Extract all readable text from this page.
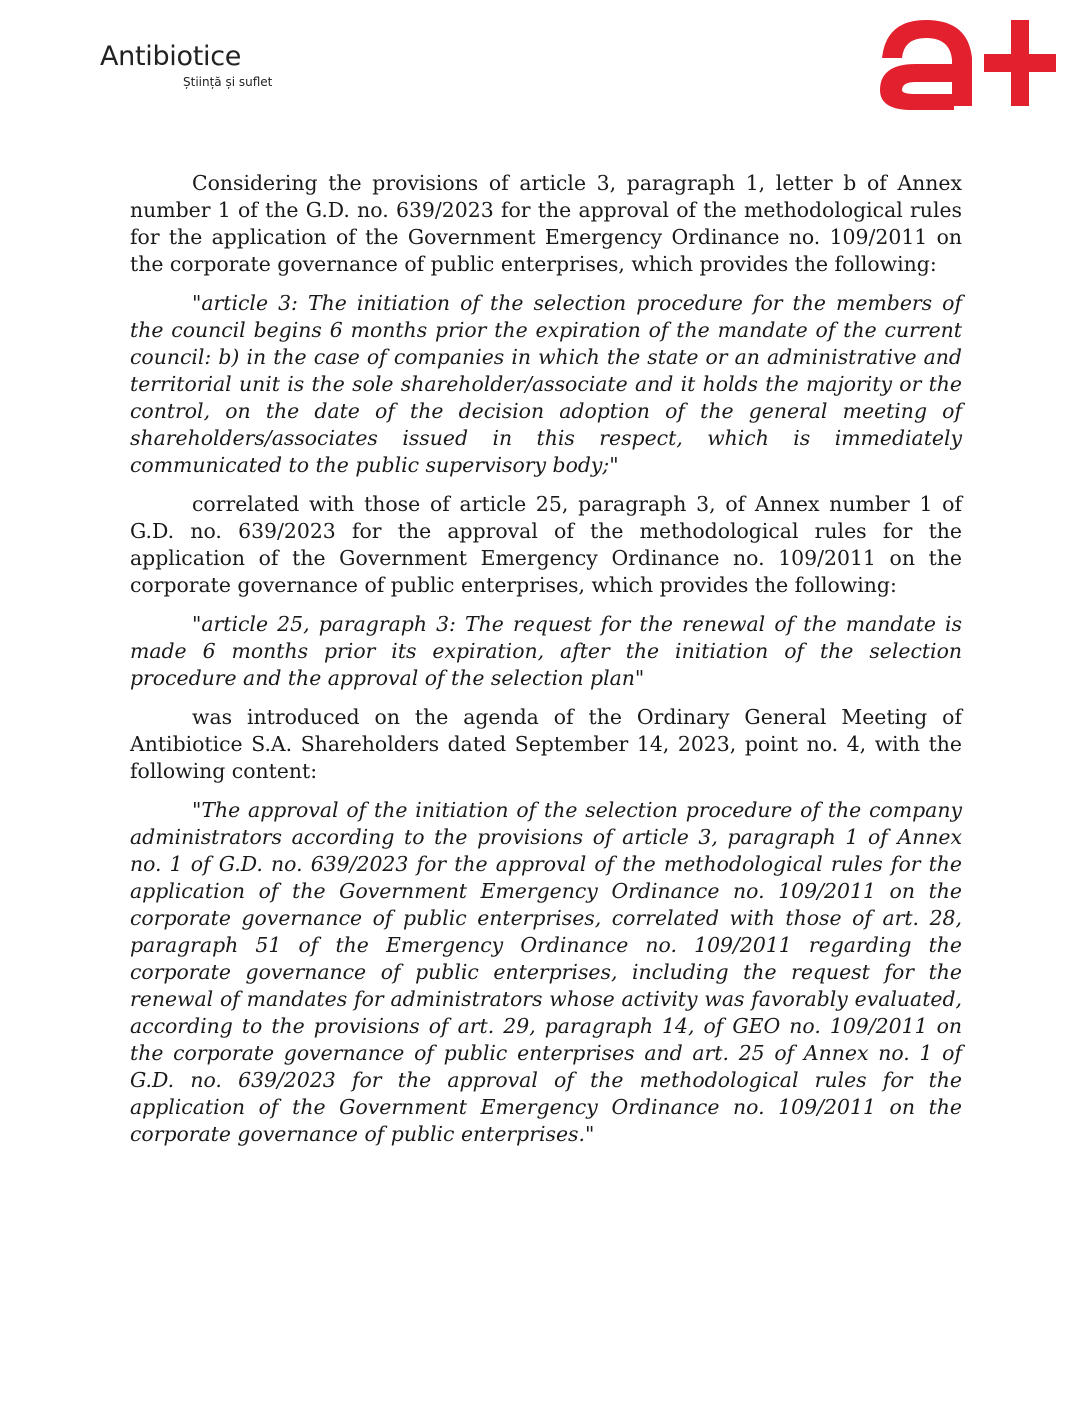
Antibiotice
Știință și suflet

Considering the provisions of article 3, paragraph 1, letter b of Annex number 1 of the G.D. no. 639/2023 for the approval of the methodological rules for the application of the Government Emergency Ordinance no. 109/2011 on the corporate governance of public enterprises, which provides the following:

"article 3: The initiation of the selection procedure for the members of the council begins 6 months prior the expiration of the mandate of the current council: b) in the case of companies in which the state or an administrative and territorial unit is the sole shareholder/associate and it holds the majority or the control, on the date of the decision adoption of the general meeting of shareholders/associates issued in this respect, which is immediately communicated to the public supervisory body;"

correlated with those of article 25, paragraph 3, of Annex number 1 of G.D. no. 639/2023 for the approval of the methodological rules for the application of the Government Emergency Ordinance no. 109/2011 on the corporate governance of public enterprises, which provides the following:

"article 25, paragraph 3: The request for the renewal of the mandate is made 6 months prior its expiration, after the initiation of the selection procedure and the approval of the selection plan"

was introduced on the agenda of the Ordinary General Meeting of Antibiotice S.A. Shareholders dated September 14, 2023, point no. 4, with the following content:

"The approval of the initiation of the selection procedure of the company administrators according to the provisions of article 3, paragraph 1 of Annex no. 1 of G.D. no. 639/2023 for the approval of the methodological rules for the application of the Government Emergency Ordinance no. 109/2011 on the corporate governance of public enterprises, correlated with those of art. 28, paragraph 51 of the Emergency Ordinance no. 109/2011 regarding the corporate governance of public enterprises, including the request for the renewal of mandates for administrators whose activity was favorably evaluated, according to the provisions of art. 29, paragraph 14, of GEO no. 109/2011 on the corporate governance of public enterprises and art. 25 of Annex no. 1 of G.D. no. 639/2023 for the approval of the methodological rules for the application of the Government Emergency Ordinance no. 109/2011 on the corporate governance of public enterprises."
